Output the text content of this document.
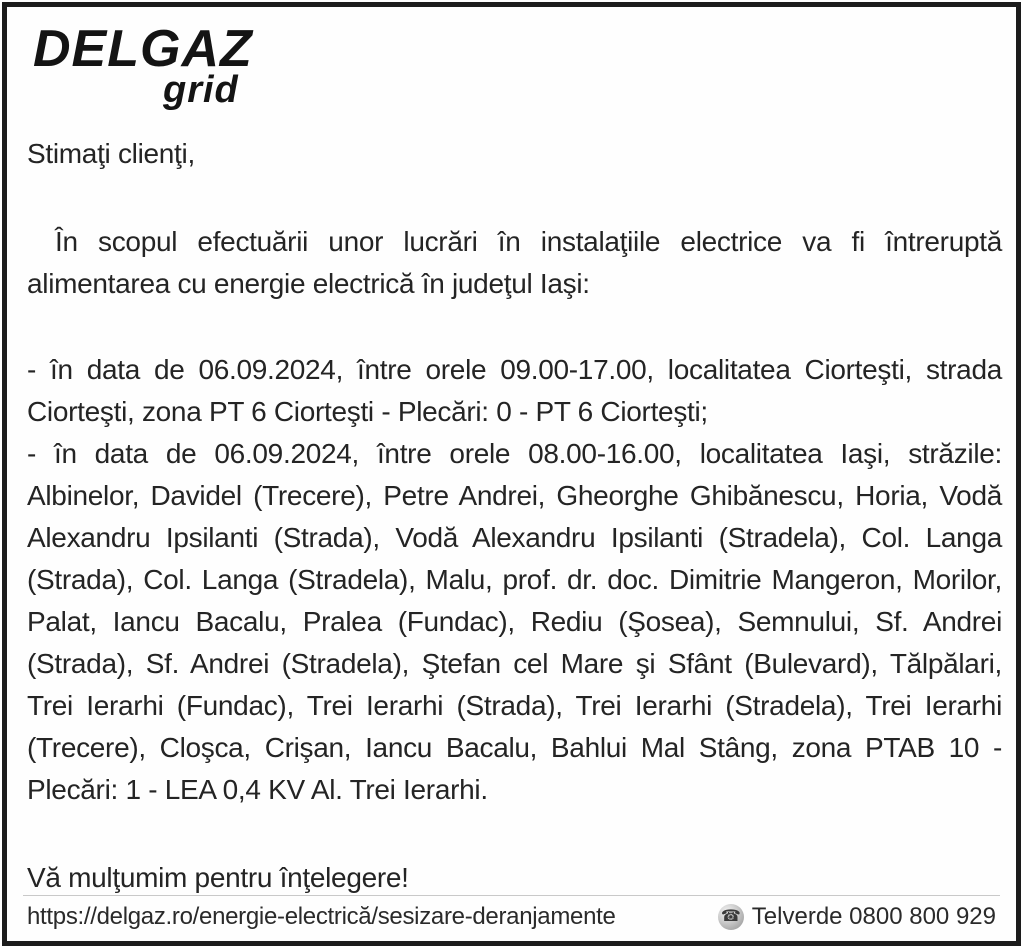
DELGAZ
grid

Stimaţi clienţi,

În scopul efectuării unor lucrări în instalaţiile electrice va fi întreruptă alimentarea cu energie electrică în judeţul Iaşi:

- în data de 06.09.2024, între orele 09.00-17.00, localitatea Ciorteşti, strada Ciorteşti, zona PT 6 Ciorteşti - Plecări: 0 - PT 6 Ciorteşti;

- în data de 06.09.2024, între orele 08.00-16.00, localitatea Iaşi, străzile: Albinelor, Davidel (Trecere), Petre Andrei, Gheorghe Ghibănescu, Horia, Vodă Alexandru Ipsilanti (Strada), Vodă Alexandru Ipsilanti (Stradela), Col. Langa (Strada), Col. Langa (Stradela), Malu, prof. dr. doc. Dimitrie Mangeron, Morilor, Palat, Iancu Bacalu, Pralea (Fundac), Rediu (Şosea), Semnului, Sf. Andrei (Strada), Sf. Andrei (Stradela), Ştefan cel Mare şi Sfânt (Bulevard), Tălpălari, Trei Ierarhi (Fundac), Trei Ierarhi (Strada), Trei Ierarhi (Stradela), Trei Ierarhi (Trecere), Cloşca, Crişan, Iancu Bacalu, Bahlui Mal Stâng, zona PTAB 10 - Plecări: 1 - LEA 0,4 KV Al. Trei Ierarhi.

Vă mulţumim pentru înţelegere!

https://delgaz.ro/energie-electrică/sesizare-deranjamente	☎ Telverde 0800 800 929
